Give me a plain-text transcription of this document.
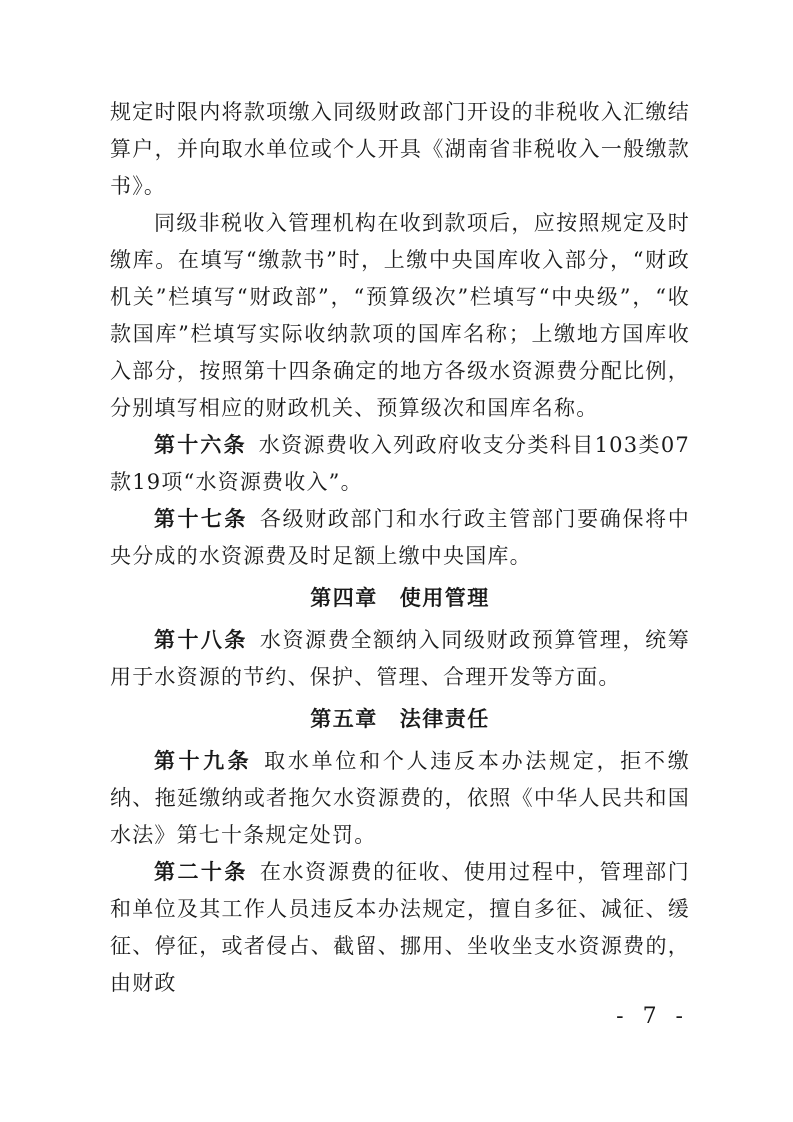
规定时限内将款项缴入同级财政部门开设的非税收入汇缴结算户，并向取水单位或个人开具《湖南省非税收入一般缴款书》。

同级非税收入管理机构在收到款项后，应按照规定及时缴库。在填写“缴款书”时，上缴中央国库收入部分，“财政机关”栏填写“财政部”，“预算级次”栏填写“中央级”，“收款国库”栏填写实际收纳款项的国库名称；上缴地方国库收入部分，按照第十四条确定的地方各级水资源费分配比例，分别填写相应的财政机关、预算级次和国库名称。

第十六条 水资源费收入列政府收支分类科目103类07款19项“水资源费收入”。

第十七条 各级财政部门和水行政主管部门要确保将中央分成的水资源费及时足额上缴中央国库。

第四章 使用管理

第十八条 水资源费全额纳入同级财政预算管理，统筹用于水资源的节约、保护、管理、合理开发等方面。

第五章 法律责任

第十九条 取水单位和个人违反本办法规定，拒不缴纳、拖延缴纳或者拖欠水资源费的，依照《中华人民共和国水法》第七十条规定处罚。

第二十条 在水资源费的征收、使用过程中，管理部门和单位及其工作人员违反本办法规定，擅自多征、减征、缓征、停征，或者侵占、截留、挪用、坐收坐支水资源费的，由财政

- 7 -
